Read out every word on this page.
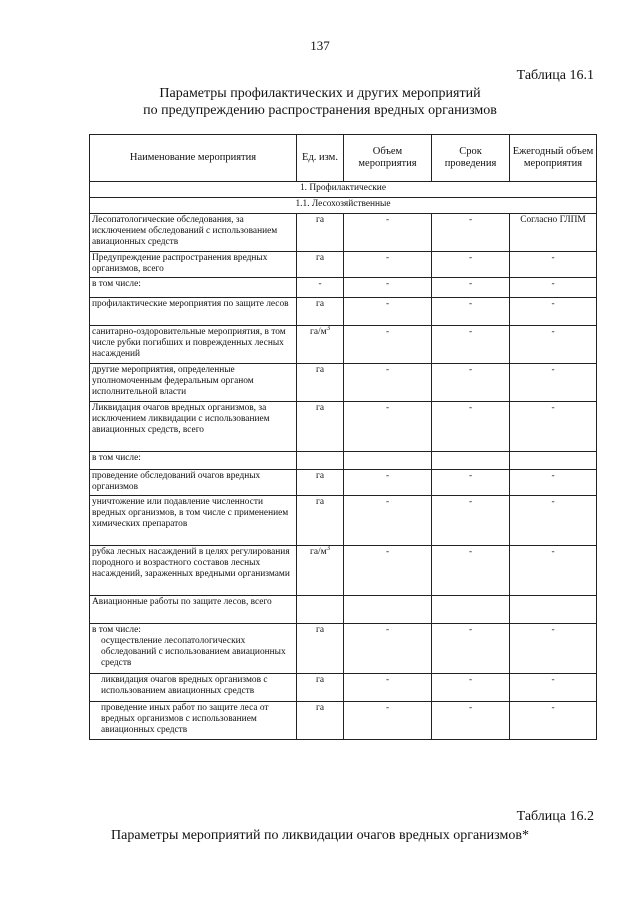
137
Таблица 16.1
Параметры профилактических и других мероприятий
по предупреждению распространения вредных организмов
Наименование мероприятия	Ед. изм.	Объем мероприятия	Срок проведения	Ежегодный объем мероприятия
1. Профилактические				
1.1. Лесохозяйственные				
Лесопатологические обследования, за исключением обследований с использованием авиационных средств	га	-	-	Согласно ГЛПМ
Предупреждение распространения вредных организмов, всего	га	-	-	-
в том числе:	-	-	-	-
профилактические мероприятия по защите лесов	га	-	-	-
санитарно-оздоровительные мероприятия, в том числе рубки погибших и поврежденных лесных насаждений	$га/м^3$	-	-	-
другие мероприятия, определенные уполномоченным федеральным органом исполнительной власти	га	-	-	-
Ликвидация очагов вредных организмов, за исключением ликвидации с использованием авиационных средств, всего	га	-	-	-
в том числе:				
проведение обследований очагов вредных организмов	га	-	-	-
уничтожение или подавление численности вредных организмов, в том числе с применением химических препаратов	га	-	-	-
рубка лесных насаждений в целях регулирования породного и возрастного составов лесных насаждений, зараженных вредными организмами	$га/м^3$	-	-	-
Авиационные работы по защите лесов, всего				

в том числе:
осуществление лесопатологических обследований с использованием авиационных средств	га	-	-	-
ликвидация очагов вредных организмов с использованием авиационных средств	га	-	-	-
проведение иных работ по защите леса от вредных организмов с использованием авиационных средств	га	-	-	-
Таблица 16.2
Параметры мероприятий по ликвидации очагов вредных организмов*
